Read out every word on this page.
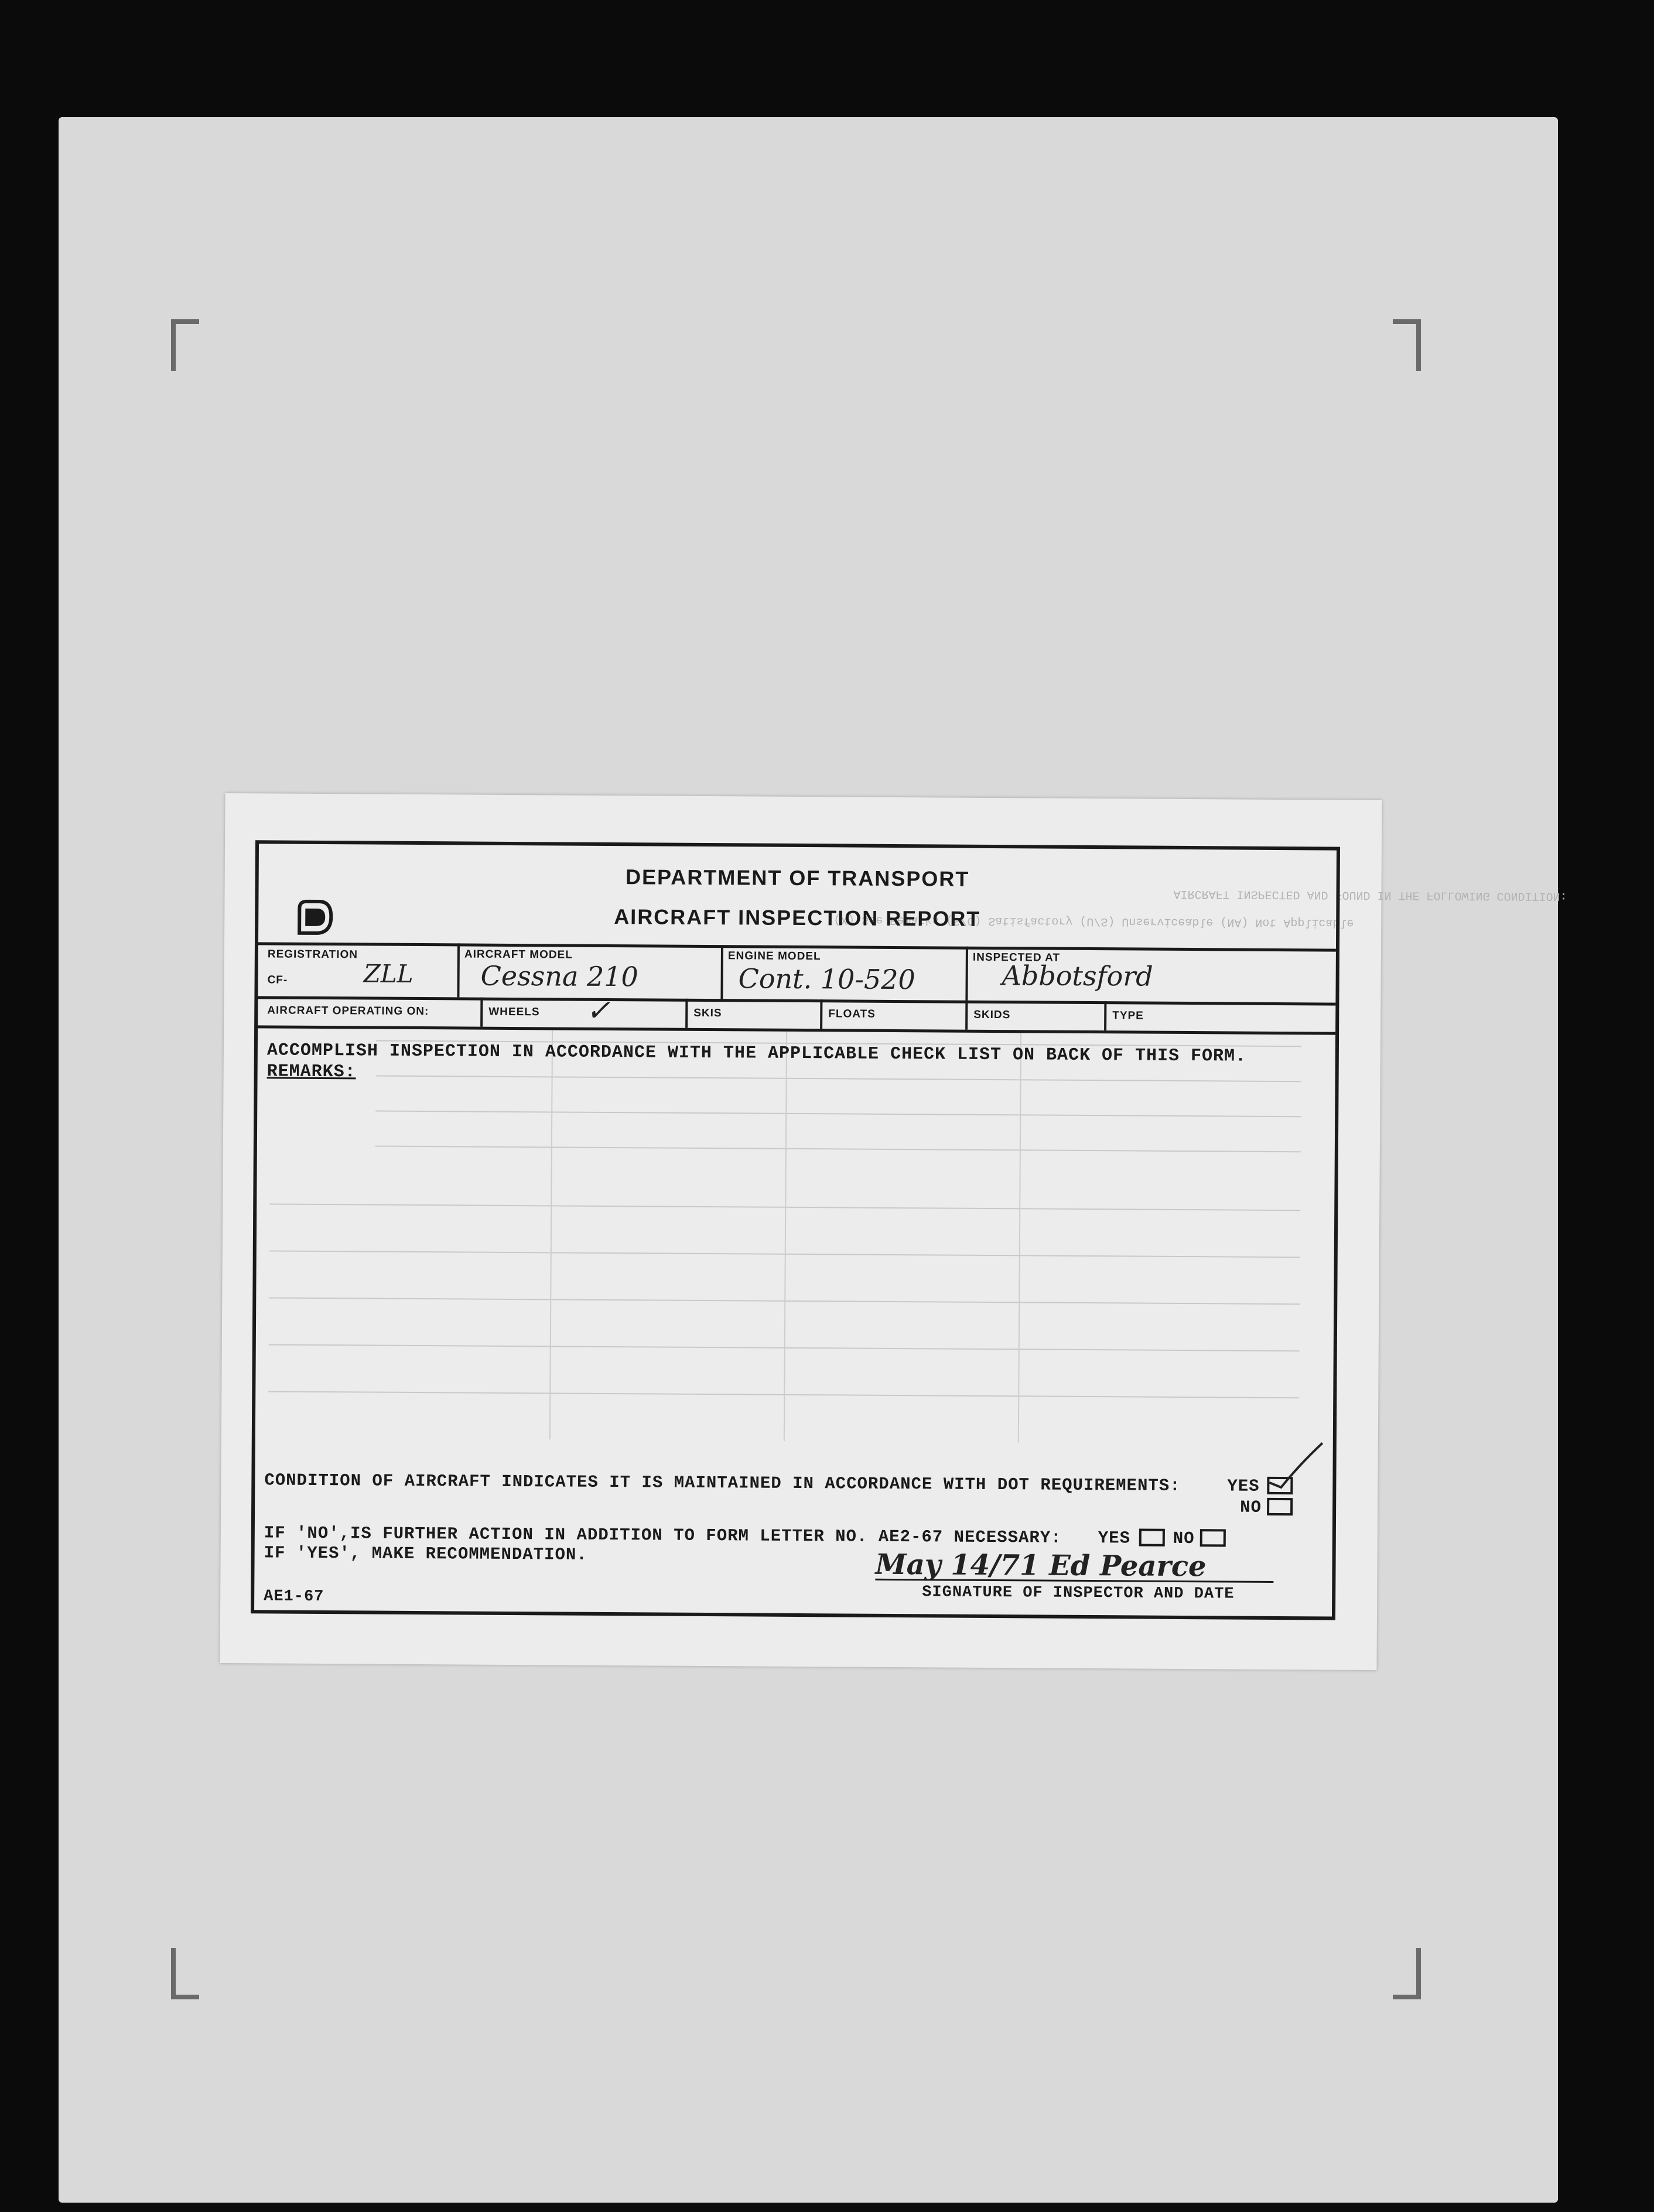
AIRCRAFT INSPECTED AND FOUND IN THE FOLLOWING CONDITION:
(X) See Remarks (S/C) Satisfactory (U/S) Unserviceable (NA) Not Applicable
DEPARTMENT OF TRANSPORT
AIRCRAFT INSPECTION REPORT
REGISTRATION
CF-	ZLL
AIRCRAFT MODEL
Cessna 210
ENGINE MODEL
Cont. 10-520
INSPECTED AT
Abbotsford
AIRCRAFT OPERATING ON:	WHEELS ✓	SKIS	FLOATS	SKIDS	TYPE
ACCOMPLISH INSPECTION IN ACCORDANCE WITH THE APPLICABLE CHECK LIST ON BACK OF THIS FORM.
REMARKS:
CONDITION OF AIRCRAFT INDICATES IT IS MAINTAINED IN ACCORDANCE WITH DOT REQUIREMENTS:	YES
NO
IF 'NO',IS FURTHER ACTION IN ADDITION TO FORM LETTER NO. AE2-67 NECESSARY: YES	NO
IF 'YES', MAKE RECOMMENDATION.	May 14/71 Ed Pearce
SIGNATURE OF INSPECTOR AND DATE
AE1-67
